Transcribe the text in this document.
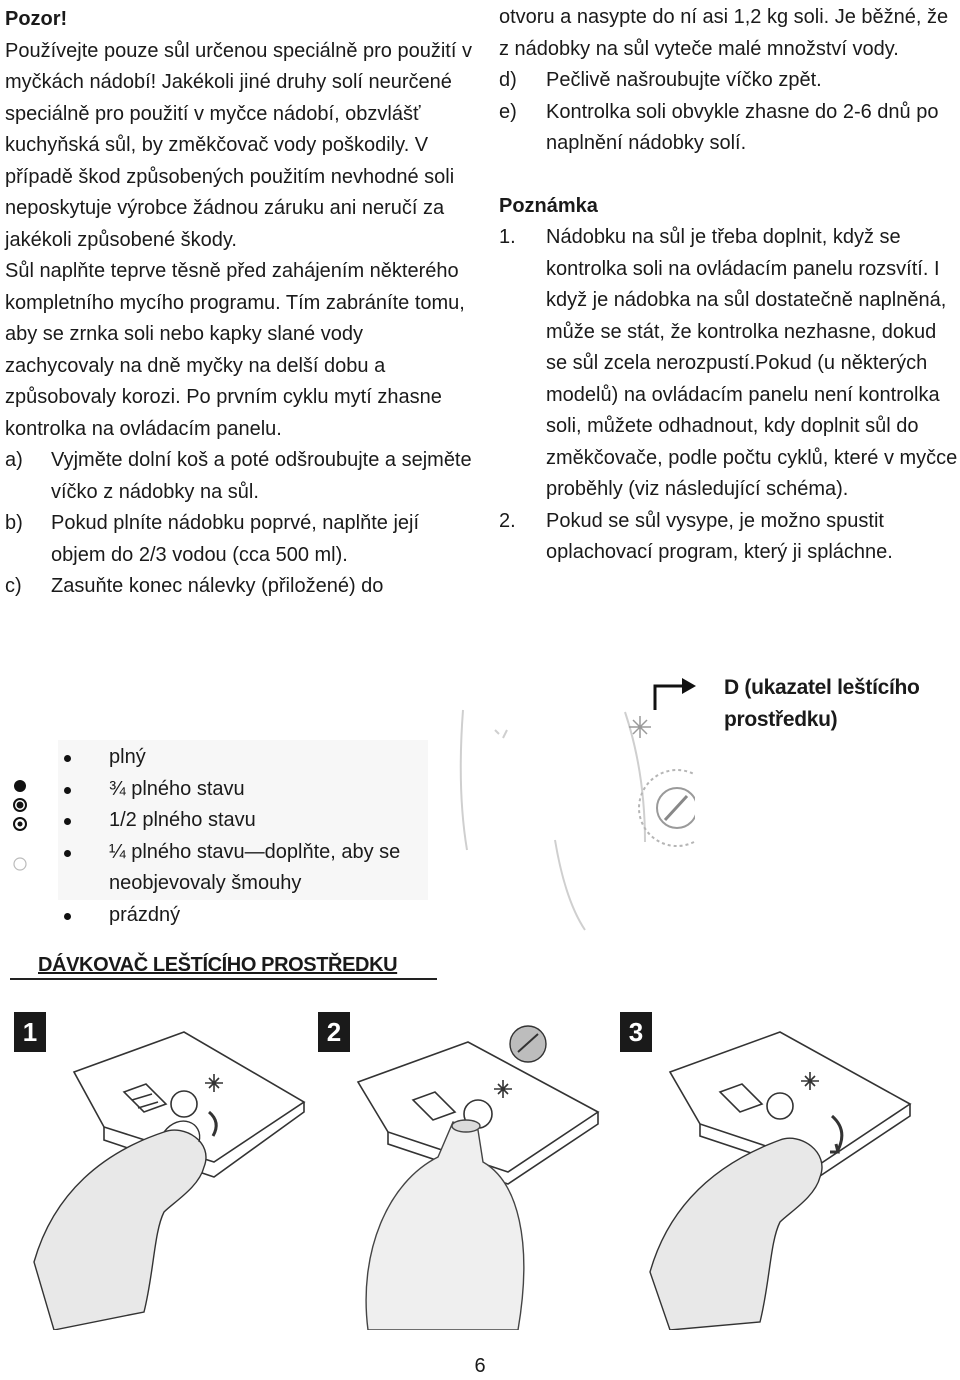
Pozor!
Používejte pouze sůl určenou speciálně pro použití v myčkách nádobí! Jakékoli jiné druhy solí neurčené speciálně pro použití v myčce nádobí, obzvlášť kuchyňská sůl, by změkčovač vody poškodily. V případě škod způsobených použitím nevhodné soli neposkytuje výrobce žádnou záruku ani neručí za jakékoli způsobené škody.
Sůl naplňte teprve těsně před zahájením některého kompletního mycího programu. Tím zabráníte tomu, aby se zrnka soli nebo kapky slané vody zachycovaly na dně myčky na delší dobu a způsobovaly korozi. Po prvním cyklu mytí zhasne kontrolka na ovládacím panelu.
a)	Vyjměte dolní koš a poté odšroubujte a sejměte víčko z nádobky na sůl.
b)	Pokud plníte nádobku poprvé, naplňte její objem do 2/3 vodou (cca 500 ml).
c)	Zasuňte konec nálevky (přiložené) do
otvoru a nasypte do ní asi 1,2 kg soli. Je běžné, že z nádobky na sůl vyteče malé množství vody.
d)	Pečlivě našroubujte víčko zpět.
e)	Kontrolka soli obvykle zhasne do 2-6 dnů po naplnění nádobky solí.
Poznámka
1.	Nádobku na sůl je třeba doplnit, když se kontrolka soli na ovládacím panelu rozsvítí. I když je nádobka na sůl dostatečně naplněná, může se stát, že kontrolka nezhasne, dokud se sůl zcela nerozpustí.Pokud (u některých modelů) na ovládacím panelu není kontrolka soli, můžete odhadnout, kdy doplnit sůl do změkčovače, podle počtu cyklů, které v myčce proběhly (viz následující schéma).
2.	Pokud se sůl vysype, je možno spustit oplachovací program, který ji spláchne.
plný
¾ plného stavu
1/2 plného stavu
¼ plného stavu—doplňte, aby se neobjevovaly šmouhy
prázdný
D (ukazatel leštícího prostředku)
DÁVKOVAČ LEŠTÍCÍHO PROSTŘEDKU
1	2	3
6
